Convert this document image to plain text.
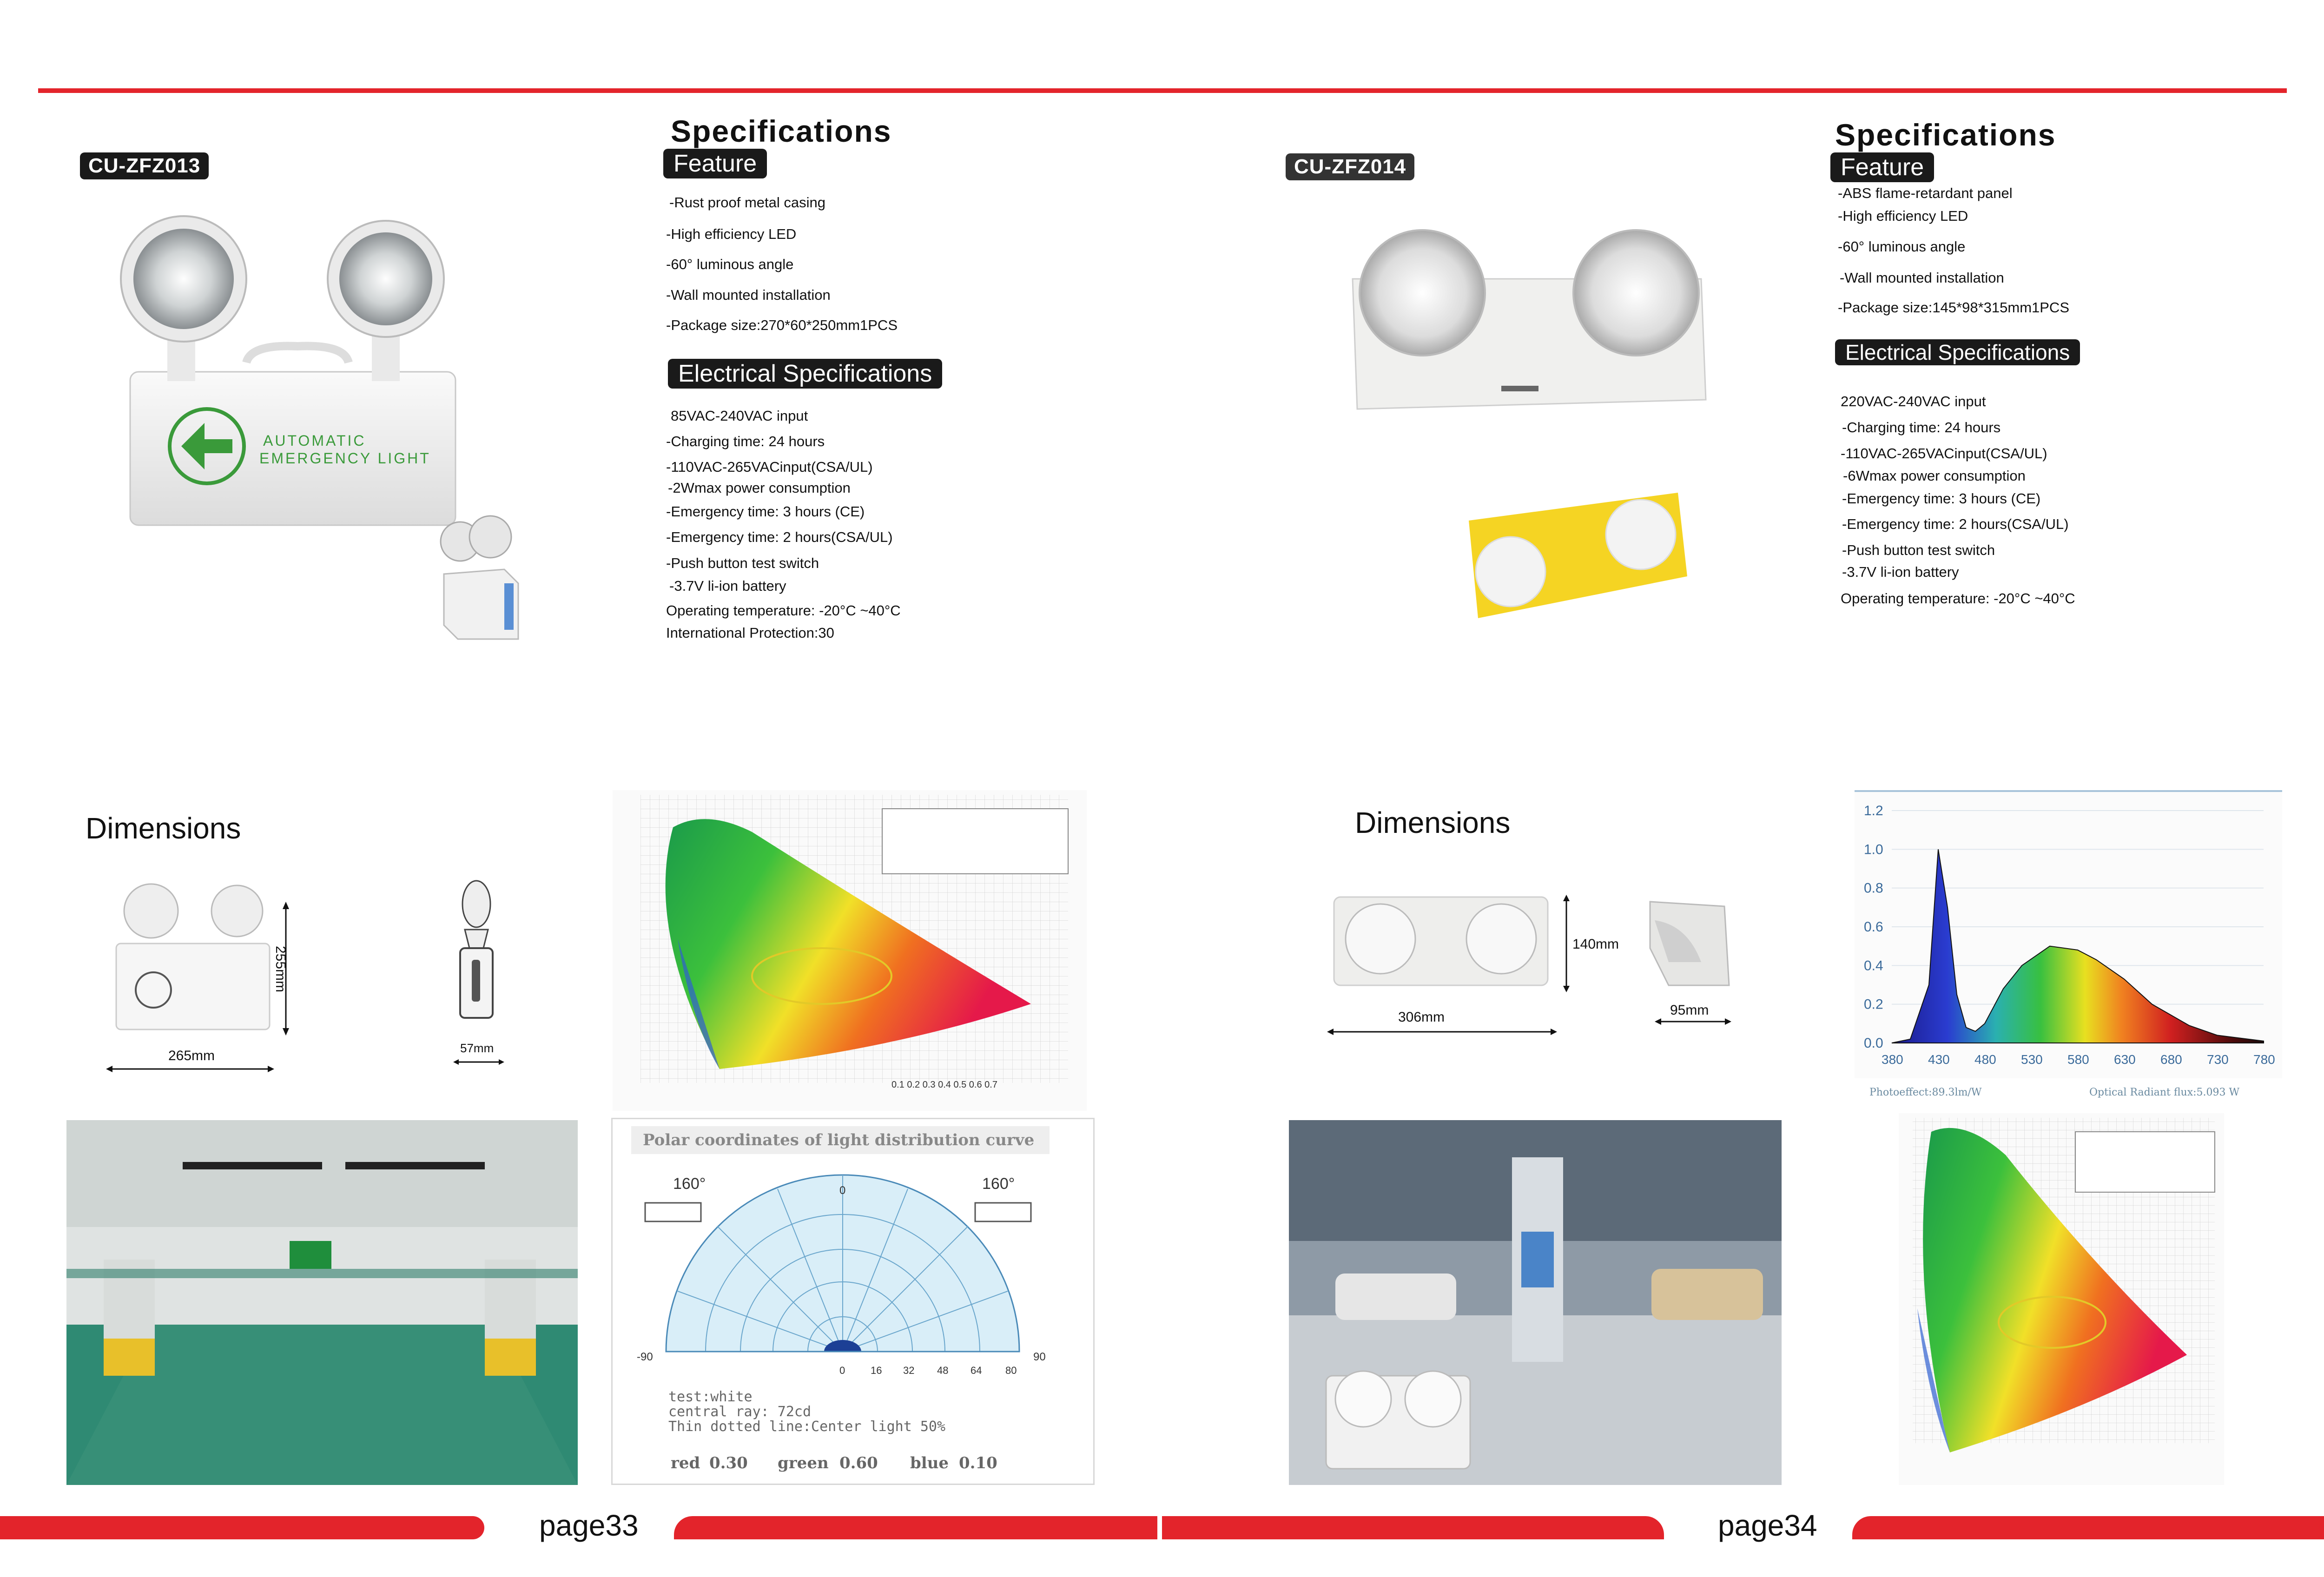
CU-ZFZ013
AUTOMATIC
EMERGENCY LIGHT
Specifications
Feature
-Rust proof metal casing
-High efficiency LED
-60° luminous angle
-Wall mounted installation
-Package size:270*60*250mm1PCS
Electrical Specifications
85VAC-240VAC input
-Charging time: 24 hours
-110VAC-265VACinput(CSA/UL)
-2Wmax power consumption
-Emergency time: 3 hours (CE)
-Emergency time: 2 hours(CSA/UL)
-Push button test switch
-3.7V li-ion battery
Operating temperature: -20°C ~40°C
International Protection:30
Dimensions
255mm
265mm	57mm
0.1 0.2 0.3 0.4 0.5 0.6 0.7
Polar coordinates of light distribution curve
160°	160°
0
-90	90
0 16 32 48 64 80
test:white
central ray: 72cd
Thin dotted line:Center light 50%
red 0.30 green 0.60 blue 0.10
page33	page34
CU-ZFZ014
Specifications
Feature
-ABS flame-retardant panel
-High efficiency LED
-60° luminous angle
-Wall mounted installation
-Package size:145*98*315mm1PCS
Electrical Specifications
220VAC-240VAC input
-Charging time: 24 hours
-110VAC-265VACinput(CSA/UL)
-6Wmax power consumption
-Emergency time: 3 hours (CE)
-Emergency time: 2 hours(CSA/UL)
-Push button test switch
-3.7V li-ion battery
Operating temperature: -20°C ~40°C
Dimensions
140mm
306mm	95mm
0.0
0.2
0.4
0.6
0.8
1.0
1.2
380 430 480 530 580 630 680 730 780
Photoeffect:89.3lm/W	Optical Radiant flux:5.093 W
